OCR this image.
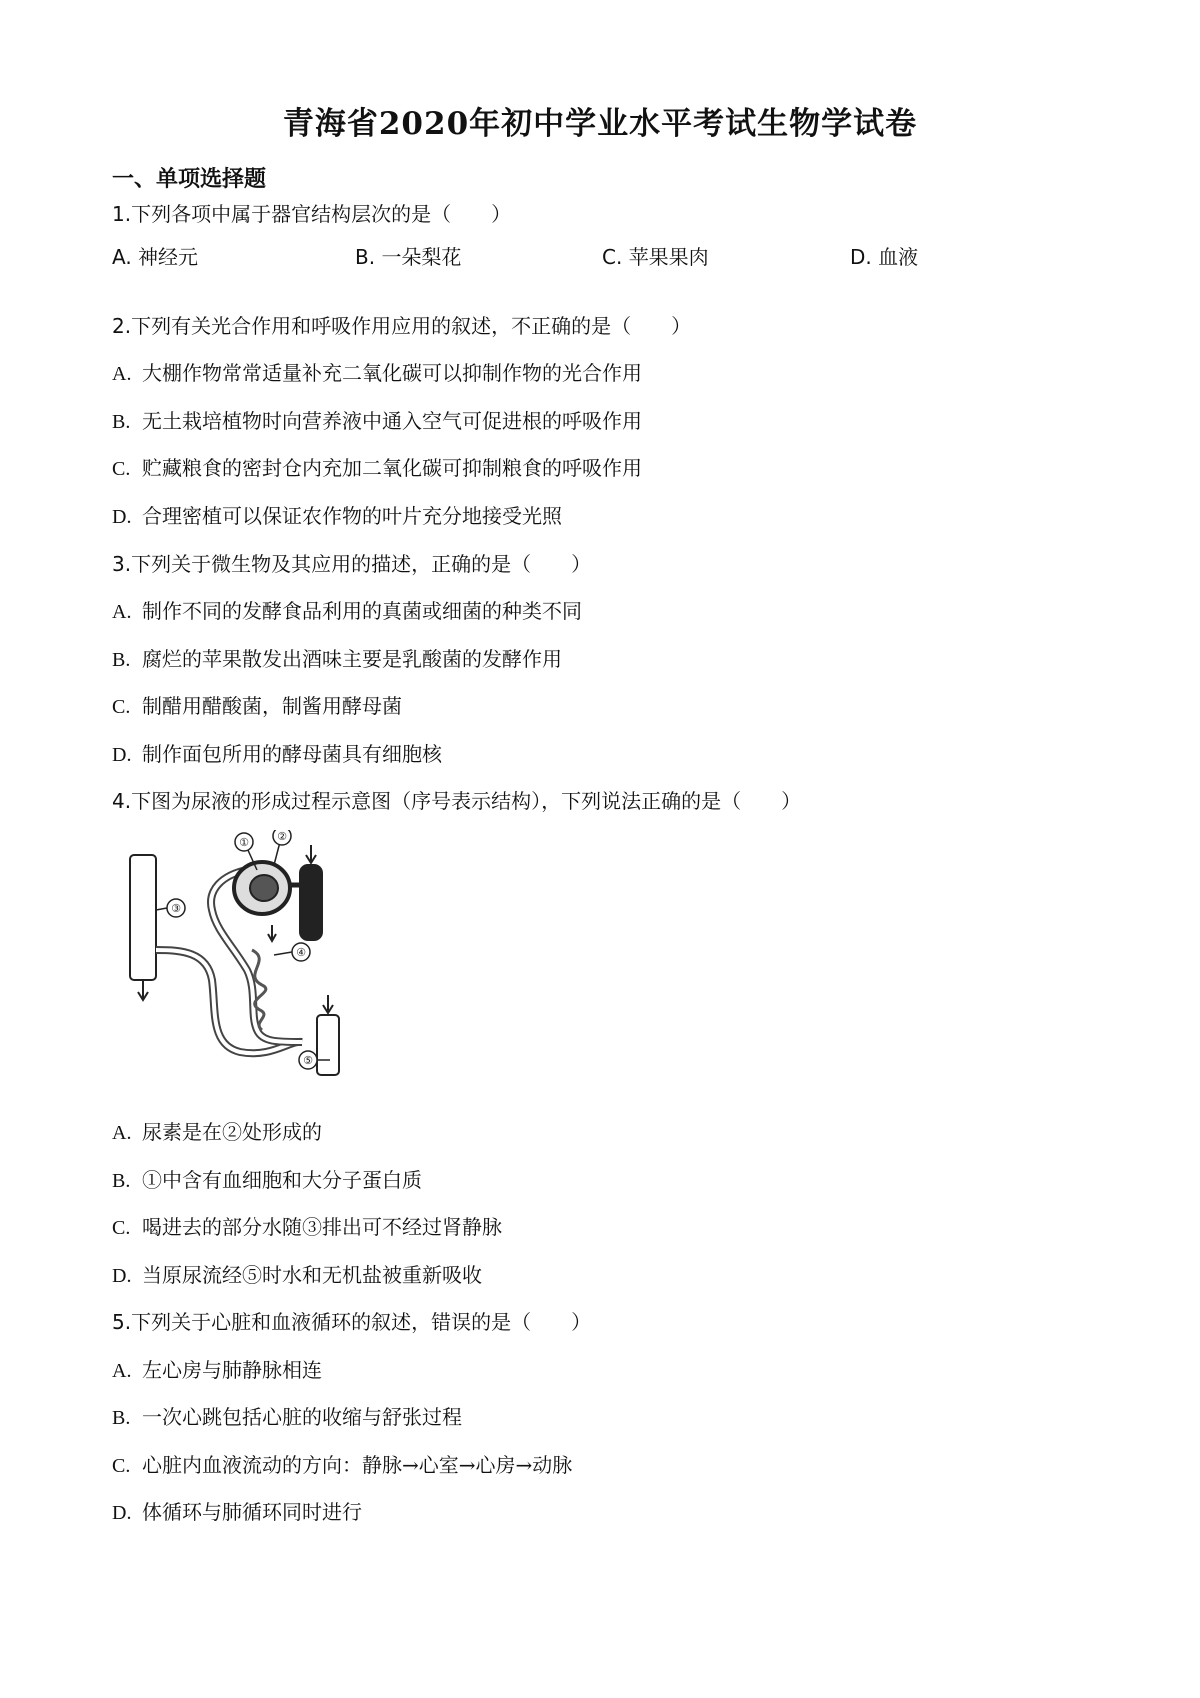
青海省2020年初中学业水平考试生物学试卷
一、单项选择题
1.下列各项中属于器官结构层次的是（　　）
A. 神经元	B. 一朵梨花	C. 苹果果肉	D. 血液
2.下列有关光合作用和呼吸作用应用的叙述，不正确的是（　　）
A. 大棚作物常常适量补充二氧化碳可以抑制作物的光合作用
B. 无土栽培植物时向营养液中通入空气可促进根的呼吸作用
C. 贮藏粮食的密封仓内充加二氧化碳可抑制粮食的呼吸作用
D. 合理密植可以保证农作物的叶片充分地接受光照
3.下列关于微生物及其应用的描述，正确的是（　　）
A. 制作不同的发酵食品利用的真菌或细菌的种类不同
B. 腐烂的苹果散发出酒味主要是乳酸菌的发酵作用
C. 制醋用醋酸菌，制酱用酵母菌
D. 制作面包所用的酵母菌具有细胞核
4.下图为尿液的形成过程示意图（序号表示结构），下列说法正确的是（　　）
①	②
③
④
⑤
A. 尿素是在②处形成的
B. ①中含有血细胞和大分子蛋白质
C. 喝进去的部分水随③排出可不经过肾静脉
D. 当原尿流经⑤时水和无机盐被重新吸收
5.下列关于心脏和血液循环的叙述，错误的是（　　）
A. 左心房与肺静脉相连
B. 一次心跳包括心脏的收缩与舒张过程
C. 心脏内血液流动的方向：静脉→心室→心房→动脉
D. 体循环与肺循环同时进行
